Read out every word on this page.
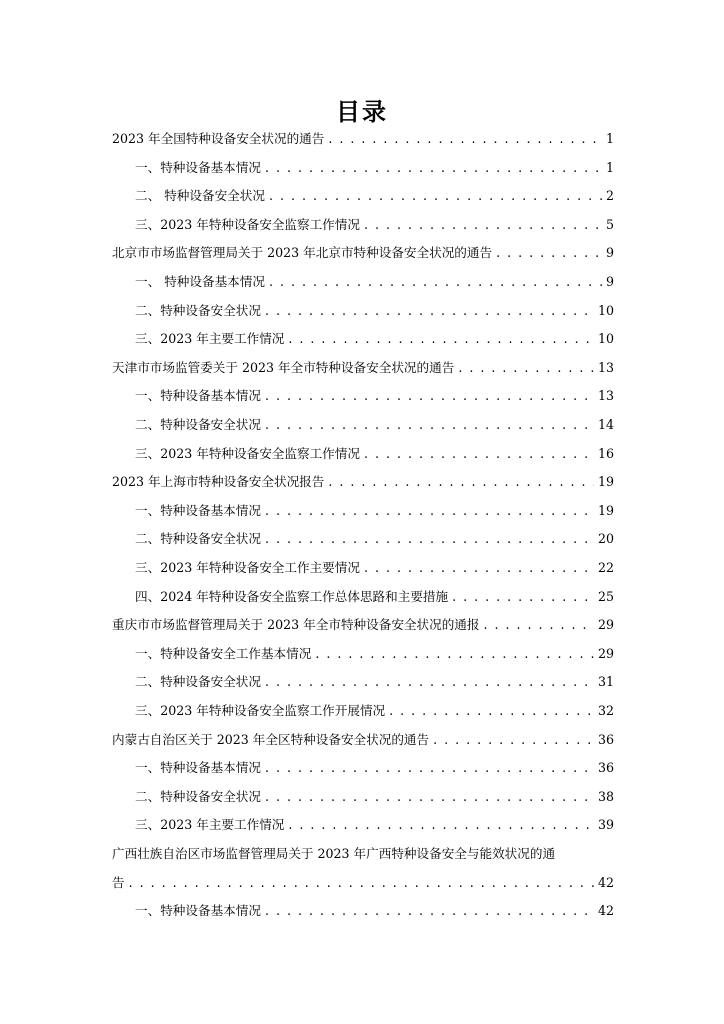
目录
2023 年全国特种设备安全状况的通告 . . .	1
一、特种设备基本情况 . . .	1
二、 特种设备安全状况 . . .	2
三、2023 年特种设备安全监察工作情况 . . .	5
北京市市场监督管理局关于 2023 年北京市特种设备安全状况的通告 . . .	9
一、 特种设备基本情况 . . .	9
二、特种设备安全状况 . . .	10
三、2023 年主要工作情况 . . .	10
天津市市场监管委关于 2023 年全市特种设备安全状况的通告 . . .	13
一、特种设备基本情况 . . .	13
二、特种设备安全状况 . . .	14
三、2023 年特种设备安全监察工作情况 . . .	16
2023 年上海市特种设备安全状况报告 . . .	19
一、特种设备基本情况 . . .	19
二、特种设备安全状况 . . .	20
三、2023 年特种设备安全工作主要情况 . . .	22
四、2024 年特种设备安全监察工作总体思路和主要措施 . . .	25
重庆市市场监督管理局关于 2023 年全市特种设备安全状况的通报 . . .	29
一、特种设备安全工作基本情况 . . .	29
二、特种设备安全状况 . . .	31
三、2023 年特种设备安全监察工作开展情况 . . .	32
内蒙古自治区关于 2023 年全区特种设备安全状况的通告 . . .	36
一、特种设备基本情况 . . .	36
二、特种设备安全状况 . . .	38
三、2023 年主要工作情况 . . .	39
广西壮族自治区市场监督管理局关于 2023 年广西特种设备安全与能效状况的通
告 . . .	42
一、特种设备基本情况 . . .	42
